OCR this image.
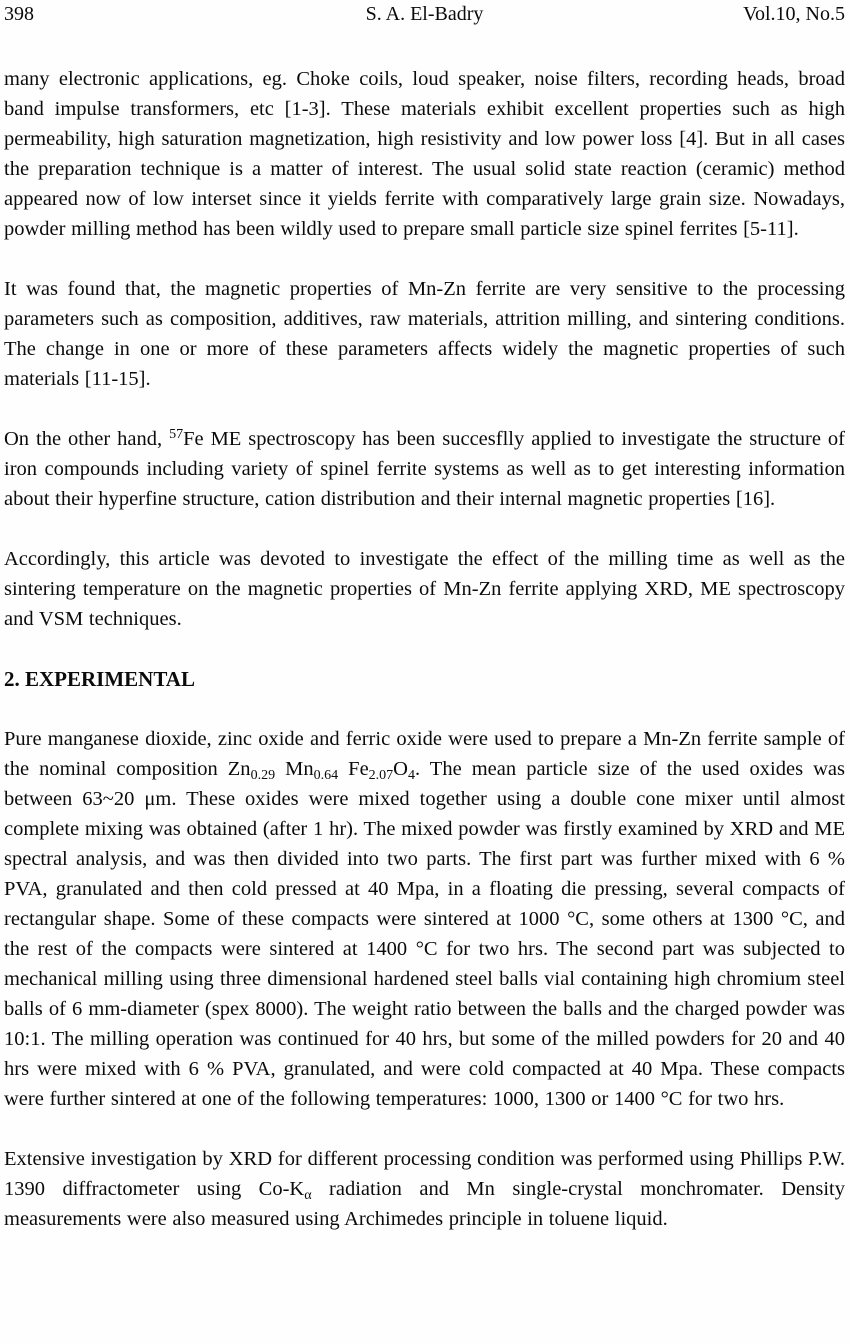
398	S. A. El-Badry	Vol.10, No.5

many electronic applications, eg. Choke coils, loud speaker, noise filters, recording heads, broad band impulse transformers, etc [1-3]. These materials exhibit excellent properties such as high permeability, high saturation magnetization, high resistivity and low power loss [4]. But in all cases the preparation technique is a matter of interest. The usual solid state reaction (ceramic) method appeared now of low interset since it yields ferrite with comparatively large grain size. Nowadays, powder milling method has been wildly used to prepare small particle size spinel ferrites [5-11].

It was found that, the magnetic properties of Mn-Zn ferrite are very sensitive to the processing parameters such as composition, additives, raw materials, attrition milling, and sintering conditions. The change in one or more of these parameters affects widely the magnetic properties of such materials [11-15].

On the other hand, $^{57}$Fe ME spectroscopy has been succesflly applied to investigate the structure of iron compounds including variety of spinel ferrite systems as well as to get interesting information about their hyperfine structure, cation distribution and their internal magnetic properties [16].

Accordingly, this article was devoted to investigate the effect of the milling time as well as the sintering temperature on the magnetic properties of Mn-Zn ferrite applying XRD, ME spectroscopy and VSM techniques.

2. EXPERIMENTAL

Pure manganese dioxide, zinc oxide and ferric oxide were used to prepare a Mn-Zn ferrite sample of the nominal composition $Zn_{0.29}$ $Mn_{0.64}$ $Fe_{2.07}O_4$. The mean particle size of the used oxides was between 63~20 μm. These oxides were mixed together using a double cone mixer until almost complete mixing was obtained (after 1 hr). The mixed powder was firstly examined by XRD and ME spectral analysis, and was then divided into two parts. The first part was further mixed with 6 % PVA, granulated and then cold pressed at 40 Mpa, in a floating die pressing, several compacts of rectangular shape. Some of these compacts were sintered at 1000 °C, some others at 1300 °C, and the rest of the compacts were sintered at 1400 °C for two hrs. The second part was subjected to mechanical milling using three dimensional hardened steel balls vial containing high chromium steel balls of 6 mm-diameter (spex 8000). The weight ratio between the balls and the charged powder was 10:1. The milling operation was continued for 40 hrs, but some of the milled powders for 20 and 40 hrs were mixed with 6 % PVA, granulated, and were cold compacted at 40 Mpa. These compacts were further sintered at one of the following temperatures: 1000, 1300 or 1400 °C for two hrs.

Extensive investigation by XRD for different processing condition was performed using Phillips P.W. 1390 diffractometer using $Co-K_\alpha$ radiation and Mn single-crystal monchromater. Density measurements were also measured using Archimedes principle in toluene liquid.
